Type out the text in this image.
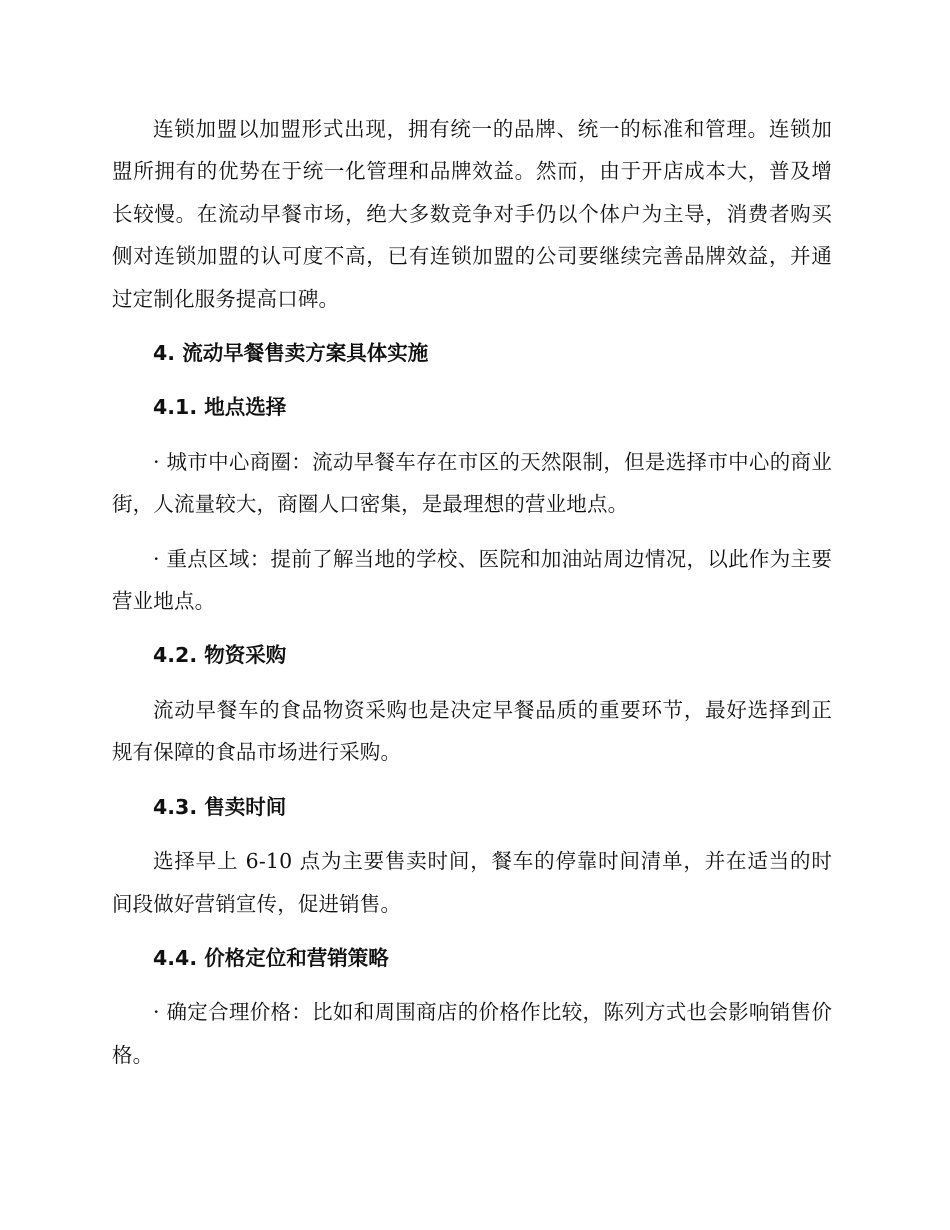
连锁加盟以加盟形式出现，拥有统一的品牌、统一的标准和管理。连锁加盟所拥有的优势在于统一化管理和品牌效益。然而，由于开店成本大，普及增长较慢。在流动早餐市场，绝大多数竞争对手仍以个体户为主导，消费者购买侧对连锁加盟的认可度不高，已有连锁加盟的公司要继续完善品牌效益，并通过定制化服务提高口碑。

4. 流动早餐售卖方案具体实施

4.1. 地点选择

· 城市中心商圈：流动早餐车存在市区的天然限制，但是选择市中心的商业街，人流量较大，商圈人口密集，是最理想的营业地点。

· 重点区域：提前了解当地的学校、医院和加油站周边情况，以此作为主要营业地点。

4.2. 物资采购

流动早餐车的食品物资采购也是决定早餐品质的重要环节，最好选择到正规有保障的食品市场进行采购。

4.3. 售卖时间

选择早上 6-10 点为主要售卖时间，餐车的停靠时间清单，并在适当的时间段做好营销宣传，促进销售。

4.4. 价格定位和营销策略

· 确定合理价格：比如和周围商店的价格作比较，陈列方式也会影响销售价格。
